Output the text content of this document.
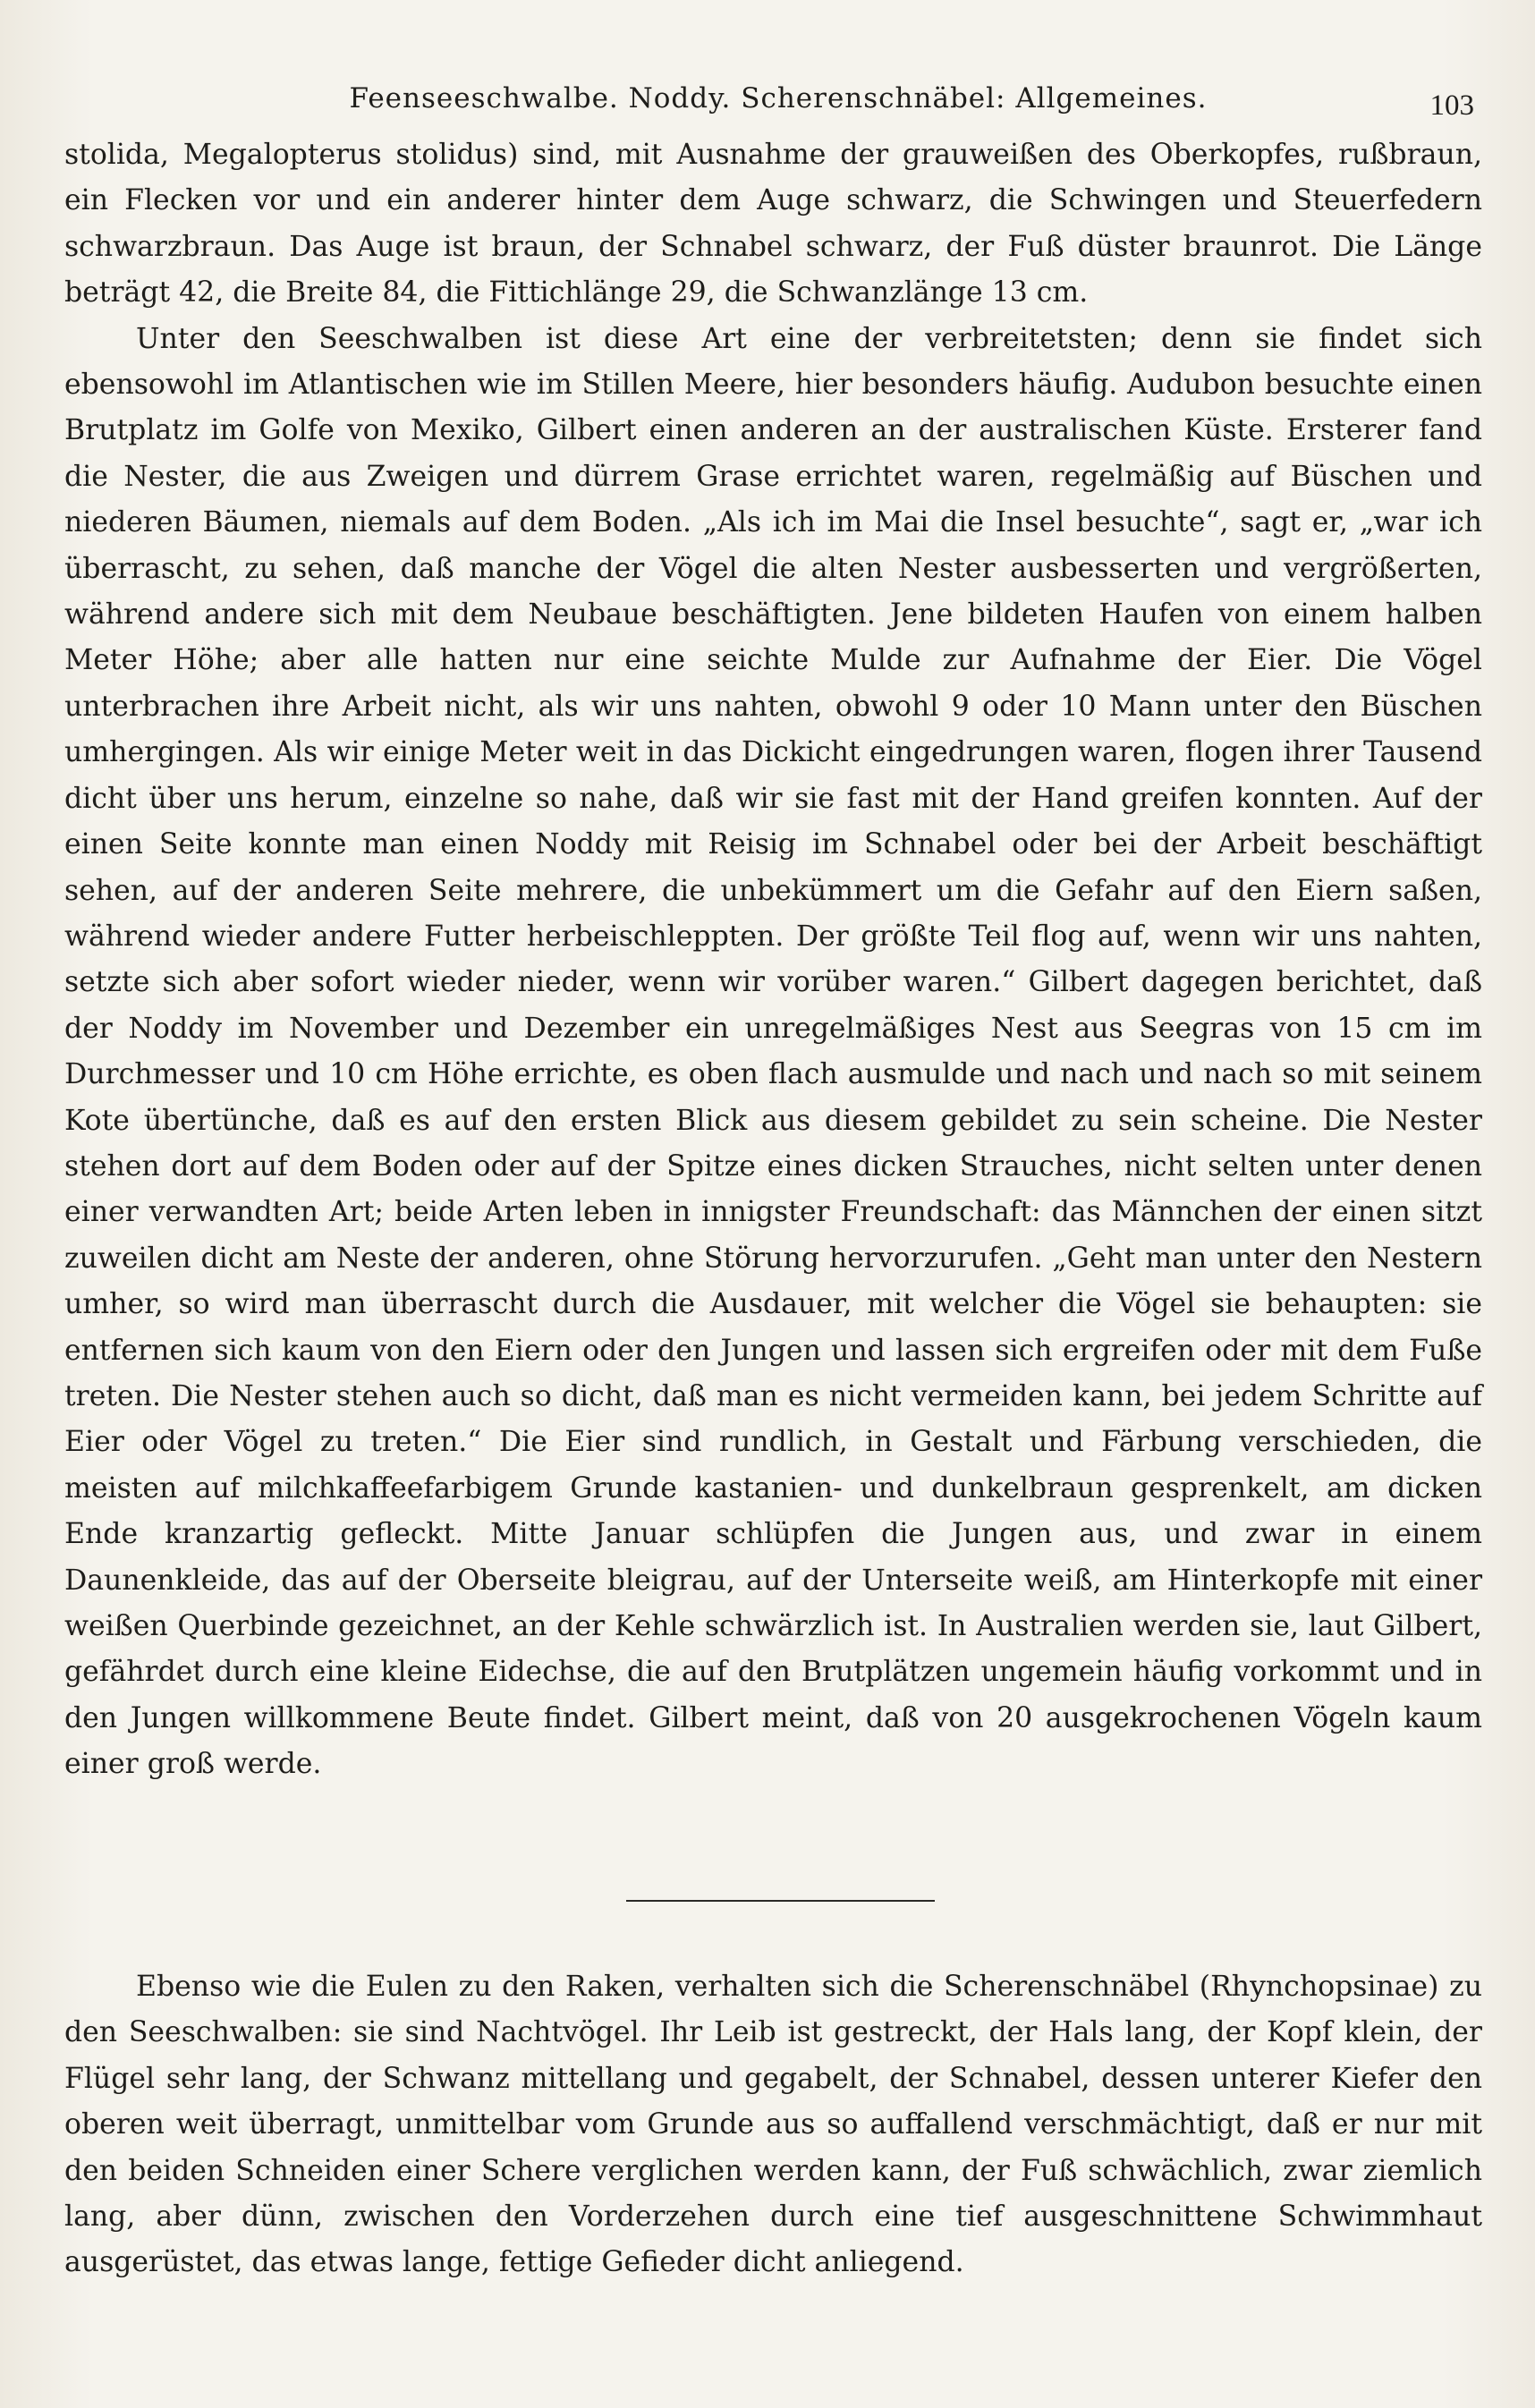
Feenseeschwalbe. Noddy. Scherenschnäbel: Allgemeines.	103

stolida, Megalopterus stolidus) sind, mit Ausnahme der grauweißen des Oberkopfes, rußbraun, ein Flecken vor und ein anderer hinter dem Auge schwarz, die Schwingen und Steuerfedern schwarzbraun. Das Auge ist braun, der Schnabel schwarz, der Fuß düster braunrot. Die Länge beträgt 42, die Breite 84, die Fittichlänge 29, die Schwanzlänge 13 cm.

Unter den Seeschwalben ist diese Art eine der verbreitetsten; denn sie findet sich ebensowohl im Atlantischen wie im Stillen Meere, hier besonders häufig. Audubon besuchte einen Brutplatz im Golfe von Mexiko, Gilbert einen anderen an der australischen Küste. Ersterer fand die Nester, die aus Zweigen und dürrem Grase errichtet waren, regelmäßig auf Büschen und niederen Bäumen, niemals auf dem Boden. „Als ich im Mai die Insel besuchte“, sagt er, „war ich überrascht, zu sehen, daß manche der Vögel die alten Nester ausbesserten und vergrößerten, während andere sich mit dem Neubaue beschäftigten. Jene bildeten Haufen von einem halben Meter Höhe; aber alle hatten nur eine seichte Mulde zur Aufnahme der Eier. Die Vögel unterbrachen ihre Arbeit nicht, als wir uns nahten, obwohl 9 oder 10 Mann unter den Büschen umhergingen. Als wir einige Meter weit in das Dickicht eingedrungen waren, flogen ihrer Tausend dicht über uns herum, einzelne so nahe, daß wir sie fast mit der Hand greifen konnten. Auf der einen Seite konnte man einen Noddy mit Reisig im Schnabel oder bei der Arbeit beschäftigt sehen, auf der anderen Seite mehrere, die unbekümmert um die Gefahr auf den Eiern saßen, während wieder andere Futter herbeischleppten. Der größte Teil flog auf, wenn wir uns nahten, setzte sich aber sofort wieder nieder, wenn wir vorüber waren.“ Gilbert dagegen berichtet, daß der Noddy im November und Dezember ein unregelmäßiges Nest aus Seegras von 15 cm im Durchmesser und 10 cm Höhe errichte, es oben flach ausmulde und nach und nach so mit seinem Kote übertünche, daß es auf den ersten Blick aus diesem gebildet zu sein scheine. Die Nester stehen dort auf dem Boden oder auf der Spitze eines dicken Strauches, nicht selten unter denen einer verwandten Art; beide Arten leben in innigster Freundschaft: das Männchen der einen sitzt zuweilen dicht am Neste der anderen, ohne Störung hervorzurufen. „Geht man unter den Nestern umher, so wird man überrascht durch die Ausdauer, mit welcher die Vögel sie behaupten: sie entfernen sich kaum von den Eiern oder den Jungen und lassen sich ergreifen oder mit dem Fuße treten. Die Nester stehen auch so dicht, daß man es nicht vermeiden kann, bei jedem Schritte auf Eier oder Vögel zu treten.“ Die Eier sind rundlich, in Gestalt und Färbung verschieden, die meisten auf milchkaffeefarbigem Grunde kastanien- und dunkelbraun gesprenkelt, am dicken Ende kranzartig gefleckt. Mitte Januar schlüpfen die Jungen aus, und zwar in einem Daunenkleide, das auf der Oberseite bleigrau, auf der Unterseite weiß, am Hinterkopfe mit einer weißen Querbinde gezeichnet, an der Kehle schwärzlich ist. In Australien werden sie, laut Gilbert, gefährdet durch eine kleine Eidechse, die auf den Brutplätzen ungemein häufig vorkommt und in den Jungen willkommene Beute findet. Gilbert meint, daß von 20 ausgekrochenen Vögeln kaum einer groß werde.

Ebenso wie die Eulen zu den Raken, verhalten sich die Scherenschnäbel (Rhynchopsinae) zu den Seeschwalben: sie sind Nachtvögel. Ihr Leib ist gestreckt, der Hals lang, der Kopf klein, der Flügel sehr lang, der Schwanz mittellang und gegabelt, der Schnabel, dessen unterer Kiefer den oberen weit überragt, unmittelbar vom Grunde aus so auffallend verschmächtigt, daß er nur mit den beiden Schneiden einer Schere verglichen werden kann, der Fuß schwächlich, zwar ziemlich lang, aber dünn, zwischen den Vorderzehen durch eine tief ausgeschnittene Schwimmhaut ausgerüstet, das etwas lange, fettige Gefieder dicht anliegend.
